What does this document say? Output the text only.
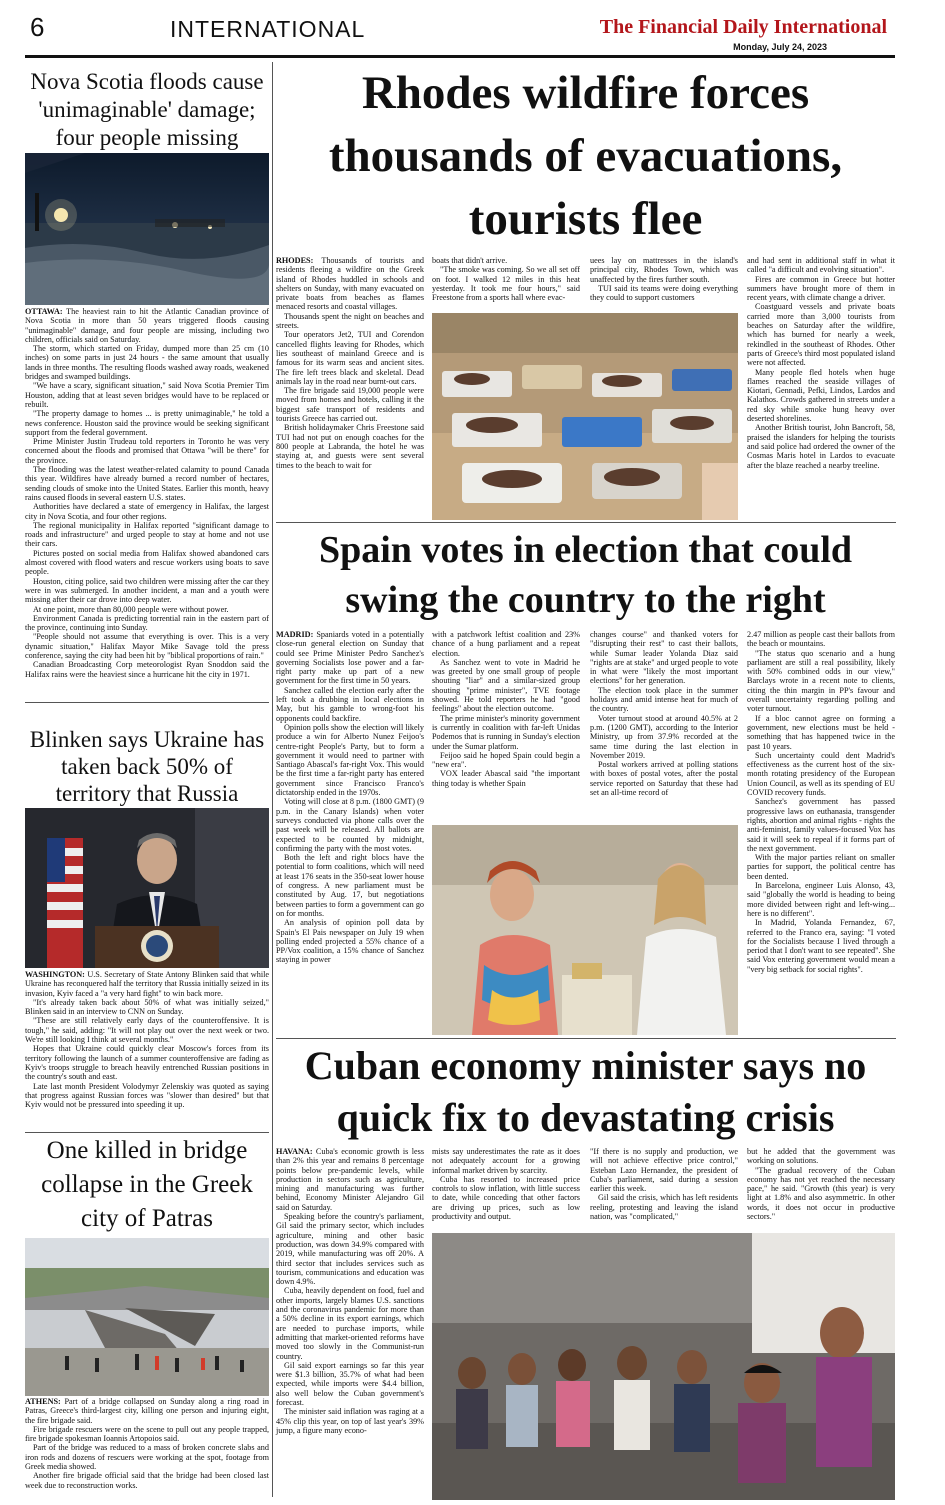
6	INTERNATIONAL	The Financial Daily International
Monday, July 24, 2023
Nova Scotia floods cause 'unimaginable' damage; four people missing

OTTAWA: The heaviest rain to hit the Atlantic Canadian province of Nova Scotia in more than 50 years triggered floods causing "unimaginable" damage, and four people are missing, including two children, officials said on Saturday.

The storm, which started on Friday, dumped more than 25 cm (10 inches) on some parts in just 24 hours - the same amount that usually lands in three months. The resulting floods washed away roads, weakened bridges and swamped buildings.

"We have a scary, significant situation," said Nova Scotia Premier Tim Houston, adding that at least seven bridges would have to be replaced or rebuilt.

"The property damage to homes ... is pretty unimaginable," he told a news conference. Houston said the province would be seeking significant support from the federal government.

Prime Minister Justin Trudeau told reporters in Toronto he was very concerned about the floods and promised that Ottawa "will be there" for the province.

The flooding was the latest weather-related calamity to pound Canada this year. Wildfires have already burned a record number of hectares, sending clouds of smoke into the United States. Earlier this month, heavy rains caused floods in several eastern U.S. states.

Authorities have declared a state of emergency in Halifax, the largest city in Nova Scotia, and four other regions.

The regional municipality in Halifax reported "significant damage to roads and infrastructure" and urged people to stay at home and not use their cars.

Pictures posted on social media from Halifax showed abandoned cars almost covered with flood waters and rescue workers using boats to save people.

Houston, citing police, said two children were missing after the car they were in was submerged. In another incident, a man and a youth were missing after their car drove into deep water.

At one point, more than 80,000 people were without power.

Environment Canada is predicting torrential rain in the eastern part of the province, continuing into Sunday.

"People should not assume that everything is over. This is a very dynamic situation," Halifax Mayor Mike Savage told the press conference, saying the city had been hit by "biblical proportions of rain."

Canadian Broadcasting Corp meteorologist Ryan Snoddon said the Halifax rains were the heaviest since a hurricane hit the city in 1971.

Blinken says Ukraine has taken back 50% of territory that Russia

WASHINGTON: U.S. Secretary of State Antony Blinken said that while Ukraine has reconquered half the territory that Russia initially seized in its invasion, Kyiv faced a "a very hard fight" to win back more.

"It's already taken back about 50% of what was initially seized," Blinken said in an interview to CNN on Sunday.

"These are still relatively early days of the counteroffensive. It is tough," he said, adding: "It will not play out over the next week or two. We're still looking I think at several months."

Hopes that Ukraine could quickly clear Moscow's forces from its territory following the launch of a summer counteroffensive are fading as Kyiv's troops struggle to breach heavily entrenched Russian positions in the country's south and east.

Late last month President Volodymyr Zelenskiy was quoted as saying that progress against Russian forces was "slower than desired" but that Kyiv would not be pressured into speeding it up.

One killed in bridge collapse in the Greek city of Patras

ATHENS: Part of a bridge collapsed on Sunday along a ring road in Patras, Greece's third-largest city, killing one person and injuring eight, the fire brigade said.

Fire brigade rescuers were on the scene to pull out any people trapped, fire brigade spokesman Ioannis Artopoios said.

Part of the bridge was reduced to a mass of broken concrete slabs and iron rods and dozens of rescuers were working at the spot, footage from Greek media showed.

Another fire brigade official said that the bridge had been closed last week due to reconstruction works.

Rhodes wildfire forces thousands of evacuations, tourists flee

RHODES: Thousands of tourists and residents fleeing a wildfire on the Greek island of Rhodes huddled in schools and shelters on Sunday, with many evacuated on private boats from beaches as flames menaced resorts and coastal villages.

Thousands spent the night on beaches and streets.

Tour operators Jet2, TUI and Corendon cancelled flights leaving for Rhodes, which lies southeast of mainland Greece and is famous for its warm seas and ancient sites. The fire left trees black and skeletal. Dead animals lay in the road near burnt-out cars.

The fire brigade said 19,000 people were moved from homes and hotels, calling it the biggest safe transport of residents and tourists Greece has carried out.

British holidaymaker Chris Freestone said TUI had not put on enough coaches for the 800 people at Labranda, the hotel he was staying at, and guests were sent several times to the beach to wait for

boats that didn't arrive.

"The smoke was coming. So we all set off on foot. I walked 12 miles in this heat yesterday. It took me four hours," said Freestone from a sports hall where evac-

uees lay on mattresses in the island's principal city, Rhodes Town, which was unaffected by the fires further south.

TUI said its teams were doing everything they could to support customers

and had sent in additional staff in what it called "a difficult and evolving situation".

Fires are common in Greece but hotter summers have brought more of them in recent years, with climate change a driver.

Coastguard vessels and private boats carried more than 3,000 tourists from beaches on Saturday after the wildfire, which has burned for nearly a week, rekindled in the southeast of Rhodes. Other parts of Greece's third most populated island were not affected.

Many people fled hotels when huge flames reached the seaside villages of Kiotari, Gennadi, Pefki, Lindos, Lardos and Kalathos. Crowds gathered in streets under a red sky while smoke hung heavy over deserted shorelines.

Another British tourist, John Bancroft, 58, praised the islanders for helping the tourists and said police had ordered the owner of the Cosmas Maris hotel in Lardos to evacuate after the blaze reached a nearby treeline.

Spain votes in election that could swing the country to the right

MADRID: Spaniards voted in a potentially close-run general election on Sunday that could see Prime Minister Pedro Sanchez's governing Socialists lose power and a far-right party make up part of a new government for the first time in 50 years.

Sanchez called the election early after the left took a drubbing in local elections in May, but his gamble to wrong-foot his opponents could backfire.

Opinion polls show the election will likely produce a win for Alberto Nunez Feijoo's centre-right People's Party, but to form a government it would need to partner with Santiago Abascal's far-right Vox. This would be the first time a far-right party has entered government since Francisco Franco's dictatorship ended in the 1970s.

Voting will close at 8 p.m. (1800 GMT) (9 p.m. in the Canary Islands) when voter surveys conducted via phone calls over the past week will be released. All ballots are expected to be counted by midnight, confirming the party with the most votes.

Both the left and right blocs have the potential to form coalitions, which will need at least 176 seats in the 350-seat lower house of congress. A new parliament must be constituted by Aug. 17, but negotiations between parties to form a government can go on for months.

An analysis of opinion poll data by Spain's El Pais newspaper on July 19 when polling ended projected a 55% chance of a PP/Vox coalition, a 15% chance of Sanchez staying in power

with a patchwork leftist coalition and 23% chance of a hung parliament and a repeat election.

As Sanchez went to vote in Madrid he was greeted by one small group of people shouting "liar" and a similar-sized group shouting "prime minister", TVE footage showed. He told reporters he had "good feelings" about the election outcome.

The prime minister's minority government is currently in coalition with far-left Unidas Podemos that is running in Sunday's election under the Sumar platform.

Feijoo said he hoped Spain could begin a "new era".

VOX leader Abascal said "the important thing today is whether Spain

changes course" and thanked voters for "disrupting their rest" to cast their ballots, while Sumar leader Yolanda Diaz said "rights are at stake" and urged people to vote in what were "likely the most important elections" for her generation.

The election took place in the summer holidays and amid intense heat for much of the country.

Voter turnout stood at around 40.5% at 2 p.m. (1200 GMT), according to the Interior Ministry, up from 37.9% recorded at the same time during the last election in November 2019.

Postal workers arrived at polling stations with boxes of postal votes, after the postal service reported on Saturday that these had set an all-time record of

2.47 million as people cast their ballots from the beach or mountains.

"The status quo scenario and a hung parliament are still a real possibility, likely with 50% combined odds in our view," Barclays wrote in a recent note to clients, citing the thin margin in PP's favour and overall uncertainty regarding polling and voter turnout.

If a bloc cannot agree on forming a government, new elections must be held - something that has happened twice in the past 10 years.

Such uncertainty could dent Madrid's effectiveness as the current host of the six-month rotating presidency of the European Union Council, as well as its spending of EU COVID recovery funds.

Sanchez's government has passed progressive laws on euthanasia, transgender rights, abortion and animal rights - rights the anti-feminist, family values-focused Vox has said it will seek to repeal if it forms part of the next government.

With the major parties reliant on smaller parties for support, the political centre has been dented.

In Barcelona, engineer Luis Alonso, 43, said "globally the world is heading to being more divided between right and left-wing... here is no different".

In Madrid, Yolanda Fernandez, 67, referred to the Franco era, saying: "I voted for the Socialists because I lived through a period that I don't want to see repeated". She said Vox entering government would mean a "very big setback for social rights".

Cuban economy minister says no quick fix to devastating crisis

HAVANA: Cuba's economic growth is less than 2% this year and remains 8 percentage points below pre-pandemic levels, while production in sectors such as agriculture, mining and manufacturing was further behind, Economy Minister Alejandro Gil said on Saturday.

Speaking before the country's parliament, Gil said the primary sector, which includes agriculture, mining and other basic production, was down 34.9% compared with 2019, while manufacturing was off 20%. A third sector that includes services such as tourism, communications and education was down 4.9%.

Cuba, heavily dependent on food, fuel and other imports, largely blames U.S. sanctions and the coronavirus pandemic for more than a 50% decline in its export earnings, which are needed to purchase imports, while admitting that market-oriented reforms have moved too slowly in the Communist-run country.

Gil said export earnings so far this year were $1.3 billion, 35.7% of what had been expected, while imports were $4.4 billion, also well below the Cuban government's forecast.

The minister said inflation was raging at a 45% clip this year, on top of last year's 39% jump, a figure many econo-

mists say underestimates the rate as it does not adequately account for a growing informal market driven by scarcity.

Cuba has resorted to increased price controls to slow inflation, with little success to date, while conceding that other factors are driving up prices, such as low productivity and output.

"If there is no supply and production, we will not achieve effective price control," Esteban Lazo Hernandez, the president of Cuba's parliament, said during a session earlier this week.

Gil said the crisis, which has left residents reeling, protesting and leaving the island nation, was "complicated,"

but he added that the government was working on solutions.

"The gradual recovery of the Cuban economy has not yet reached the necessary pace," he said. "Growth (this year) is very light at 1.8% and also asymmetric. In other words, it does not occur in productive sectors."
